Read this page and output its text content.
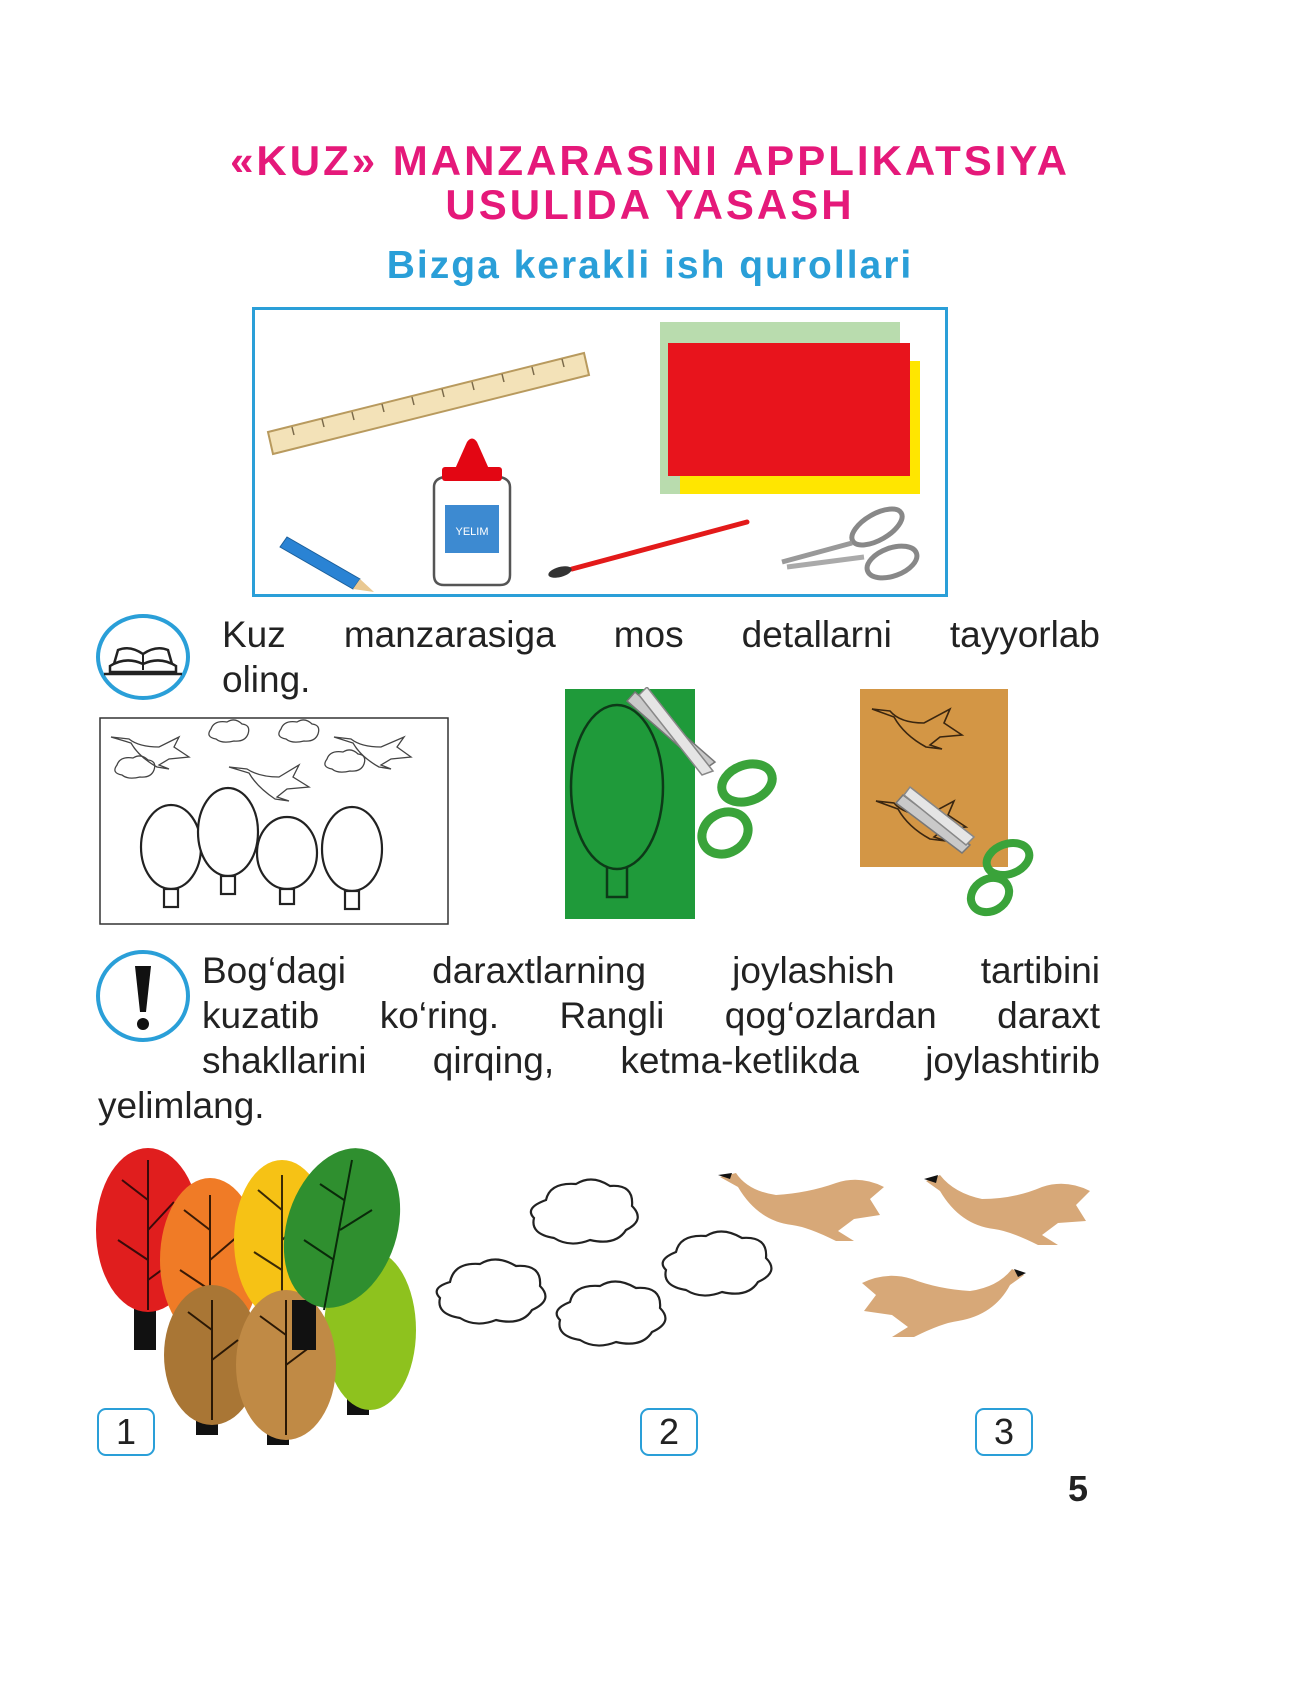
«KUZ» MANZARASINI APPLIKATSIYA
USULIDA YASASH
Bizga kerakli ish qurollari
YELIM
Kuz manzarasiga mos detallarni tayyorlab
oling.
Bog‘dagi daraxtlarning joylashish tartibini
kuzatib ko‘ring. Rangli qog‘ozlardan daraxt
shakllarini qirqing, ketma-ketlikda joylashtirib
yelimlang.
1	2	3
5
